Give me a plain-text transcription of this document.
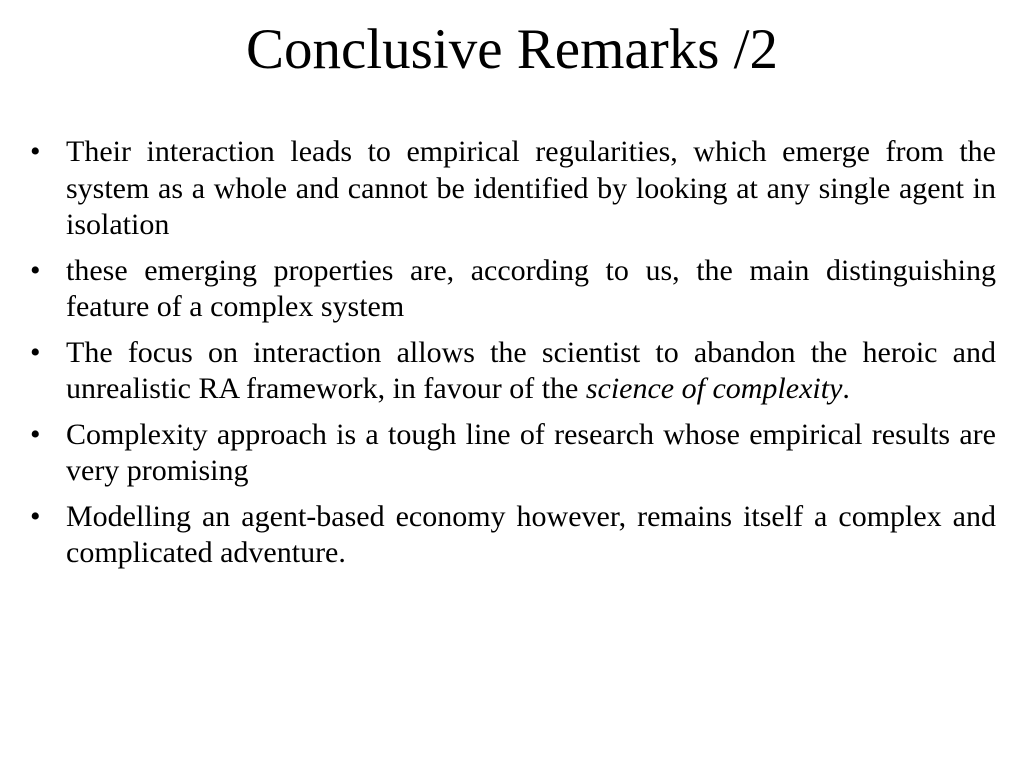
Conclusive Remarks /2
• Their interaction leads to empirical regularities, which emerge from the system as a whole and cannot be identified by looking at any single agent in isolation
• these emerging properties are, according to us, the main distinguishing feature of a complex system
• The focus on interaction allows the scientist to abandon the heroic and unrealistic RA framework, in favour of the science of complexity.
• Complexity approach is a tough line of research whose empirical results are very promising
• Modelling an agent-based economy however, remains itself a complex and complicated adventure.
